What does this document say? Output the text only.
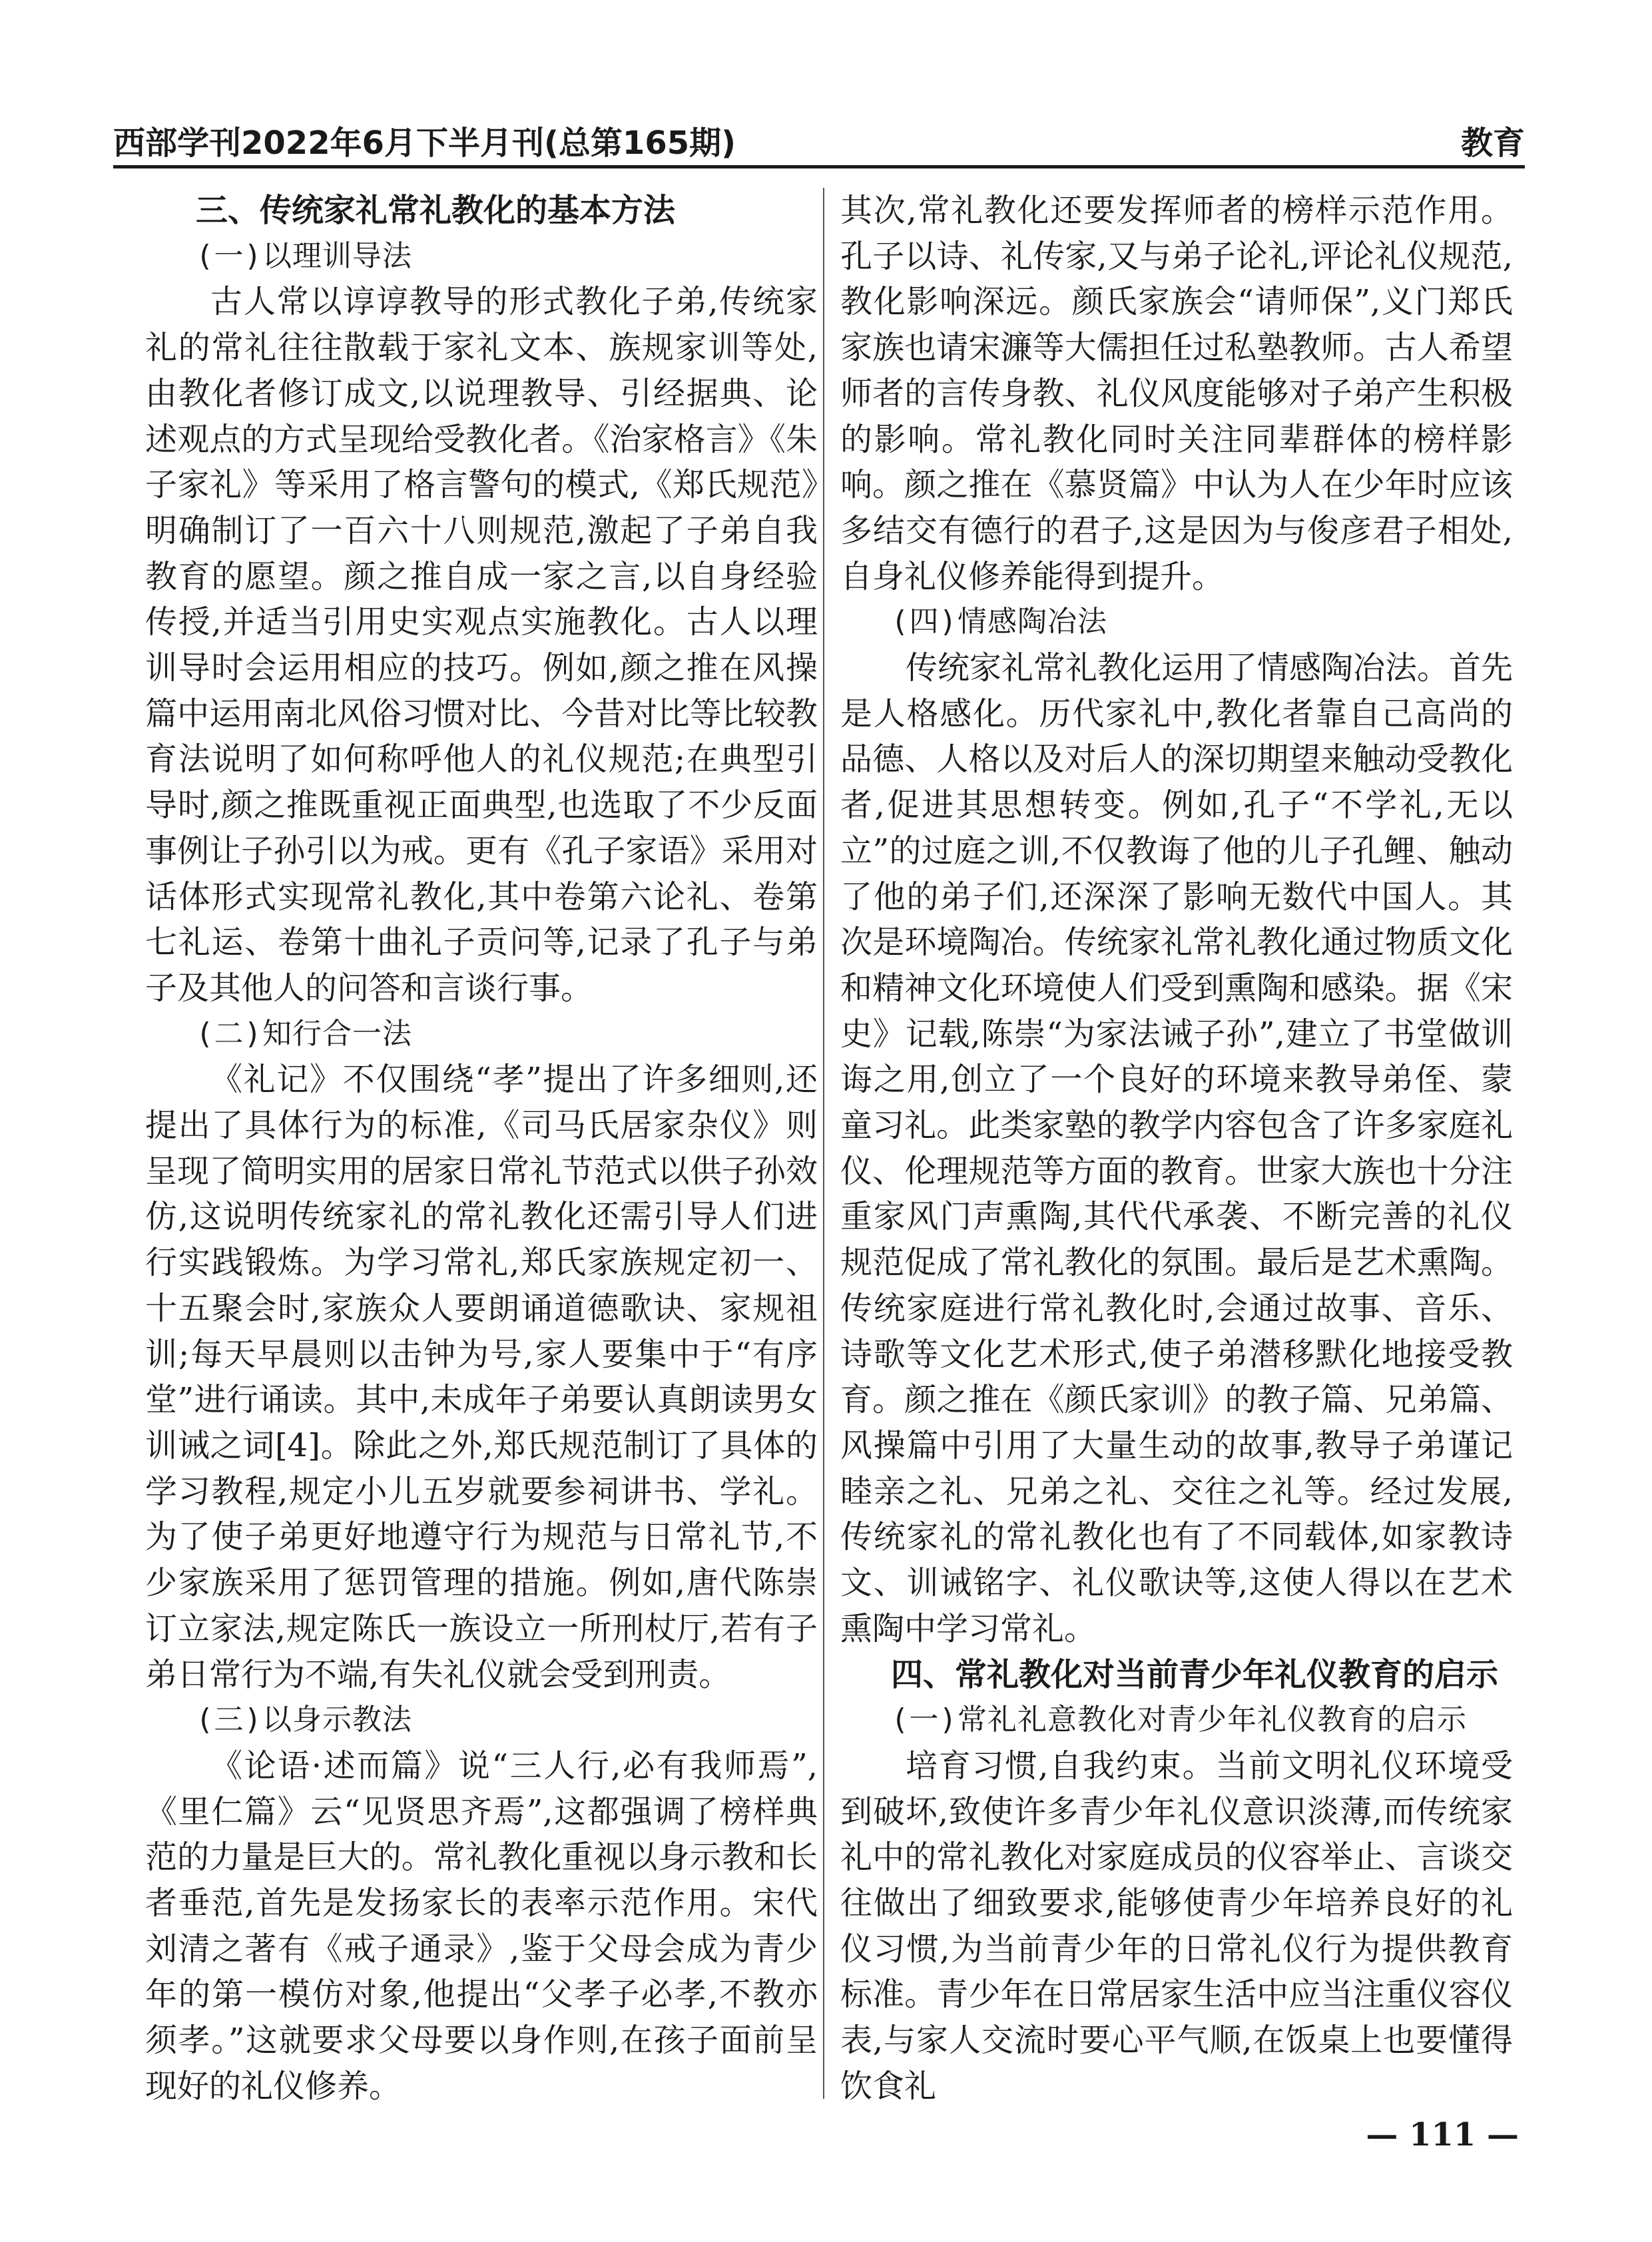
西部学刊2022年6月下半月刊(总第165期)	教育
三、传统家礼常礼教化的基本方法
(一)以理训导法

古人常以谆谆教导的形式教化子弟,传统家礼的常礼往往散载于家礼文本、族规家训等处,由教化者修订成文,以说理教导、引经据典、论述观点的方式呈现给受教化者。《治家格言》《朱子家礼》等采用了格言警句的模式,《郑氏规范》明确制订了一百六十八则规范,激起了子弟自我教育的愿望。颜之推自成一家之言,以自身经验传授,并适当引用史实观点实施教化。古人以理训导时会运用相应的技巧。例如,颜之推在风操篇中运用南北风俗习惯对比、今昔对比等比较教育法说明了如何称呼他人的礼仪规范;在典型引导时,颜之推既重视正面典型,也选取了不少反面事例让子孙引以为戒。更有《孔子家语》采用对话体形式实现常礼教化,其中卷第六论礼、卷第七礼运、卷第十曲礼子贡问等,记录了孔子与弟子及其他人的问答和言谈行事。

(二)知行合一法

《礼记》不仅围绕“孝”提出了许多细则,还提出了具体行为的标准,《司马氏居家杂仪》则呈现了简明实用的居家日常礼节范式以供子孙效仿,这说明传统家礼的常礼教化还需引导人们进行实践锻炼。为学习常礼,郑氏家族规定初一、十五聚会时,家族众人要朗诵道德歌诀、家规祖训;每天早晨则以击钟为号,家人要集中于“有序堂”进行诵读。其中,未成年子弟要认真朗读男女训诫之词[4]。除此之外,郑氏规范制订了具体的学习教程,规定小儿五岁就要参祠讲书、学礼。为了使子弟更好地遵守行为规范与日常礼节,不少家族采用了惩罚管理的措施。例如,唐代陈崇订立家法,规定陈氏一族设立一所刑杖厅,若有子弟日常行为不端,有失礼仪就会受到刑责。

(三)以身示教法

《论语·述而篇》说“三人行,必有我师焉”,《里仁篇》云“见贤思齐焉”,这都强调了榜样典范的力量是巨大的。常礼教化重视以身示教和长者垂范,首先是发扬家长的表率示范作用。宋代刘清之著有《戒子通录》,鉴于父母会成为青少年的第一模仿对象,他提出“父孝子必孝,不教亦须孝。”这就要求父母要以身作则,在孩子面前呈现好的礼仪修养。

其次,常礼教化还要发挥师者的榜样示范作用。孔子以诗、礼传家,又与弟子论礼,评论礼仪规范,教化影响深远。颜氏家族会“请师保”,义门郑氏家族也请宋濂等大儒担任过私塾教师。古人希望师者的言传身教、礼仪风度能够对子弟产生积极的影响。常礼教化同时关注同辈群体的榜样影响。颜之推在《慕贤篇》中认为人在少年时应该多结交有德行的君子,这是因为与俊彦君子相处,自身礼仪修养能得到提升。

(四)情感陶冶法

传统家礼常礼教化运用了情感陶冶法。首先是人格感化。历代家礼中,教化者靠自己高尚的品德、人格以及对后人的深切期望来触动受教化者,促进其思想转变。例如,孔子“不学礼,无以立”的过庭之训,不仅教诲了他的儿子孔鲤、触动了他的弟子们,还深深了影响无数代中国人。其次是环境陶冶。传统家礼常礼教化通过物质文化和精神文化环境使人们受到熏陶和感染。据《宋史》记载,陈崇“为家法诫子孙”,建立了书堂做训诲之用,创立了一个良好的环境来教导弟侄、蒙童习礼。此类家塾的教学内容包含了许多家庭礼仪、伦理规范等方面的教育。世家大族也十分注重家风门声熏陶,其代代承袭、不断完善的礼仪规范促成了常礼教化的氛围。最后是艺术熏陶。传统家庭进行常礼教化时,会通过故事、音乐、诗歌等文化艺术形式,使子弟潜移默化地接受教育。颜之推在《颜氏家训》的教子篇、兄弟篇、风操篇中引用了大量生动的故事,教导子弟谨记睦亲之礼、兄弟之礼、交往之礼等。经过发展,传统家礼的常礼教化也有了不同载体,如家教诗文、训诫铭字、礼仪歌诀等,这使人得以在艺术熏陶中学习常礼。

四、常礼教化对当前青少年礼仪教育的启示
(一)常礼礼意教化对青少年礼仪教育的启示

培育习惯,自我约束。当前文明礼仪环境受到破坏,致使许多青少年礼仪意识淡薄,而传统家礼中的常礼教化对家庭成员的仪容举止、言谈交往做出了细致要求,能够使青少年培养良好的礼仪习惯,为当前青少年的日常礼仪行为提供教育标准。青少年在日常居家生活中应当注重仪容仪表,与家人交流时要心平气顺,在饭桌上也要懂得饮食礼

— 111 —
